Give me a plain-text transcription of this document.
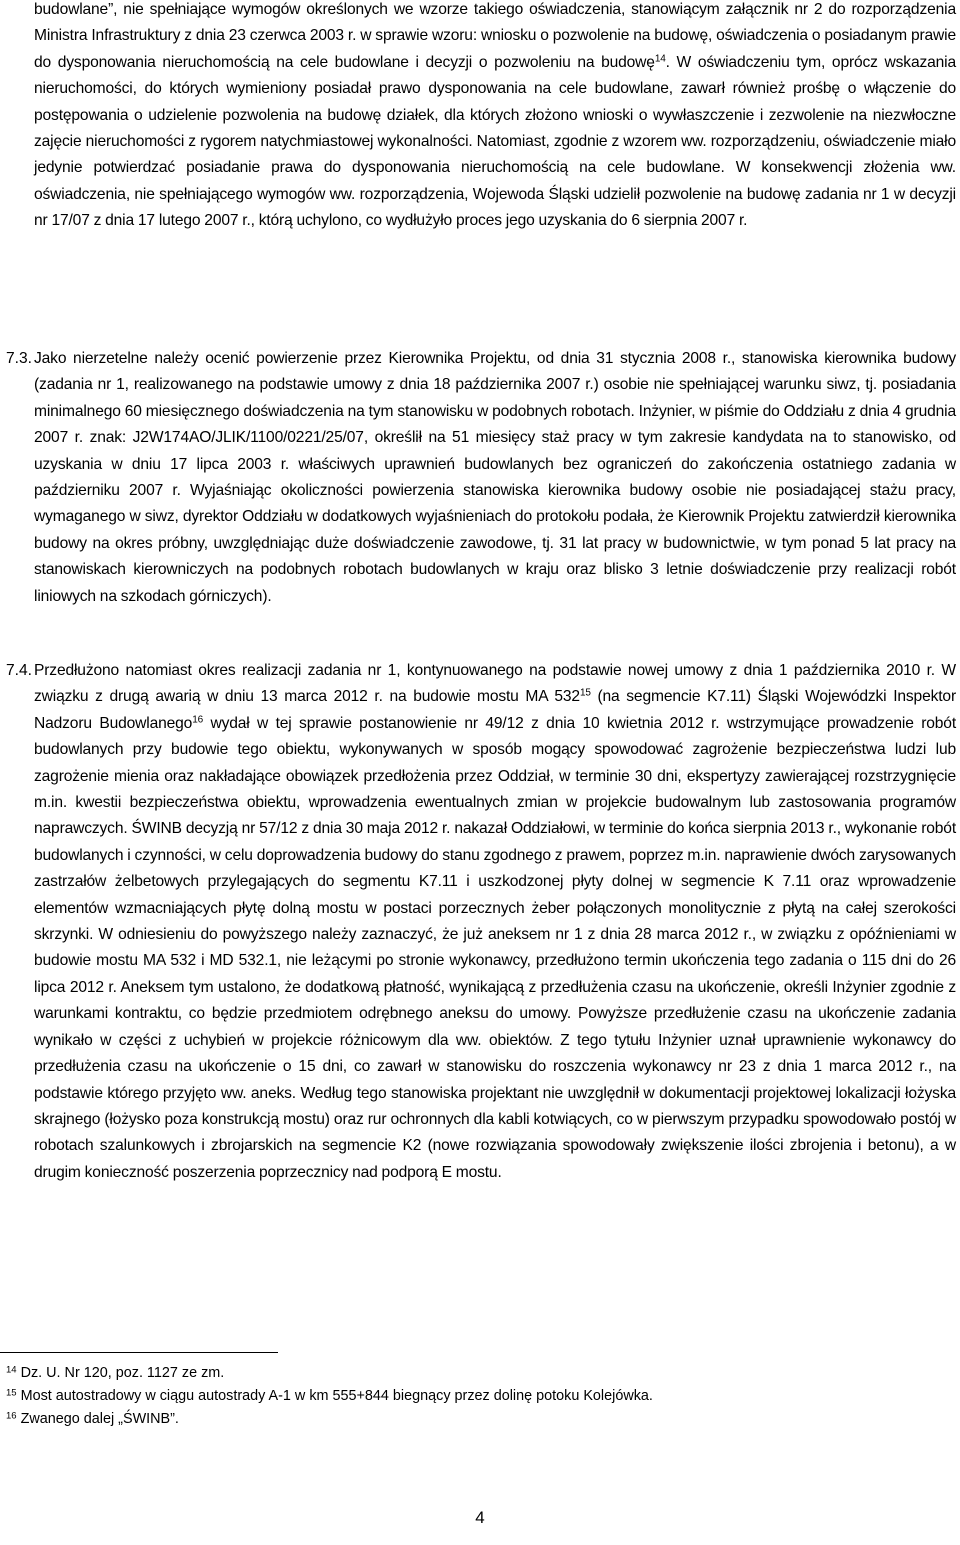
budowlane”, nie spełniające wymogów określonych we wzorze takiego oświadczenia, stanowiącym załącznik nr 2 do rozporządzenia Ministra Infrastruktury z dnia 23 czerwca 2003 r. w sprawie wzoru: wniosku o pozwolenie na budowę, oświadczenia o posiadanym prawie do dysponowania nieruchomością na cele budowlane i decyzji o pozwoleniu na budowę$^{14}$. W oświadczeniu tym, oprócz wskazania nieruchomości, do których wymieniony posiadał prawo dysponowania na cele budowlane, zawarł również prośbę o włączenie do postępowania o udzielenie pozwolenia na budowę działek, dla których złożono wnioski o wywłaszczenie i zezwolenie na niezwłoczne zajęcie nieruchomości z rygorem natychmiastowej wykonalności. Natomiast, zgodnie z wzorem ww. rozporządzeniu, oświadczenie miało jedynie potwierdzać posiadanie prawa do dysponowania nieruchomością na cele budowlane. W konsekwencji złożenia ww. oświadczenia, nie spełniającego wymogów ww. rozporządzenia, Wojewoda Śląski udzielił pozwolenie na budowę zadania nr 1 w decyzji nr 17/07 z dnia 17 lutego 2007 r., którą uchylono, co wydłużyło proces jego uzyskania do 6 sierpnia 2007 r.

7.3. Jako nierzetelne należy ocenić powierzenie przez Kierownika Projektu, od dnia 31 stycznia 2008 r., stanowiska kierownika budowy (zadania nr 1, realizowanego na podstawie umowy z dnia 18 października 2007 r.) osobie nie spełniającej warunku siwz, tj. posiadania minimalnego 60 miesięcznego doświadczenia na tym stanowisku w podobnych robotach. Inżynier, w piśmie do Oddziału z dnia 4 grudnia 2007 r. znak: J2W174AO/JLIK/1100/0221/25/07, określił na 51 miesięcy staż pracy w tym zakresie kandydata na to stanowisko, od uzyskania w dniu 17 lipca 2003 r. właściwych uprawnień budowlanych bez ograniczeń do zakończenia ostatniego zadania w październiku 2007 r. Wyjaśniając okoliczności powierzenia stanowiska kierownika budowy osobie nie posiadającej stażu pracy, wymaganego w siwz, dyrektor Oddziału w dodatkowych wyjaśnieniach do protokołu podała, że Kierownik Projektu zatwierdził kierownika budowy na okres próbny, uwzględniając duże doświadczenie zawodowe, tj. 31 lat pracy w budownictwie, w tym ponad 5 lat pracy na stanowiskach kierowniczych na podobnych robotach budowlanych w kraju oraz blisko 3 letnie doświadczenie przy realizacji robót liniowych na szkodach górniczych).

7.4. Przedłużono natomiast okres realizacji zadania nr 1, kontynuowanego na podstawie nowej umowy z dnia 1 października 2010 r. W związku z drugą awarią w dniu 13 marca 2012 r. na budowie mostu MA $532^{15}$ (na segmencie K7.11) Śląski Wojewódzki Inspektor Nadzoru Budowlanego$^{16}$ wydał w tej sprawie postanowienie nr 49/12 z dnia 10 kwietnia 2012 r. wstrzymujące prowadzenie robót budowlanych przy budowie tego obiektu, wykonywanych w sposób mogący spowodować zagrożenie bezpieczeństwa ludzi lub zagrożenie mienia oraz nakładające obowiązek przedłożenia przez Oddział, w terminie 30 dni, ekspertyzy zawierającej rozstrzygnięcie m.in. kwestii bezpieczeństwa obiektu, wprowadzenia ewentualnych zmian w projekcie budowalnym lub zastosowania programów naprawczych. ŚWINB decyzją nr 57/12 z dnia 30 maja 2012 r. nakazał Oddziałowi, w terminie do końca sierpnia 2013 r., wykonanie robót budowlanych i czynności, w celu doprowadzenia budowy do stanu zgodnego z prawem, poprzez m.in. naprawienie dwóch zarysowanych zastrzałów żelbetowych przylegających do segmentu K7.11 i uszkodzonej płyty dolnej w segmencie K 7.11 oraz wprowadzenie elementów wzmacniających płytę dolną mostu w postaci porzecznych żeber połączonych monolitycznie z płytą na całej szerokości skrzynki. W odniesieniu do powyższego należy zaznaczyć, że już aneksem nr 1 z dnia 28 marca 2012 r., w związku z opóźnieniami w budowie mostu MA 532 i MD 532.1, nie leżącymi po stronie wykonawcy, przedłużono termin ukończenia tego zadania o 115 dni do 26 lipca 2012 r. Aneksem tym ustalono, że dodatkową płatność, wynikającą z przedłużenia czasu na ukończenie, określi Inżynier zgodnie z warunkami kontraktu, co będzie przedmiotem odrębnego aneksu do umowy. Powyższe przedłużenie czasu na ukończenie zadania wynikało w części z uchybień w projekcie różnicowym dla ww. obiektów. Z tego tytułu Inżynier uznał uprawnienie wykonawcy do przedłużenia czasu na ukończenie o 15 dni, co zawarł w stanowisku do roszczenia wykonawcy nr 23 z dnia 1 marca 2012 r., na podstawie którego przyjęto ww. aneks. Według tego stanowiska projektant nie uwzględnił w dokumentacji projektowej lokalizacji łożyska skrajnego (łożysko poza konstrukcją mostu) oraz rur ochronnych dla kabli kotwiących, co w pierwszym przypadku spowodowało postój w robotach szalunkowych i zbrojarskich na segmencie K2 (nowe rozwiązania spowodowały zwiększenie ilości zbrojenia i betonu), a w drugim konieczność poszerzenia poprzecznicy nad podporą E mostu.

$^{14}$ Dz. U. Nr 120, poz. 1127 ze zm.

$^{15}$ Most autostradowy w ciągu autostrady A-1 w km 555+844 biegnący przez dolinę potoku Kolejówka.

$^{16}$ Zwanego dalej „ŚWINB”.

4
